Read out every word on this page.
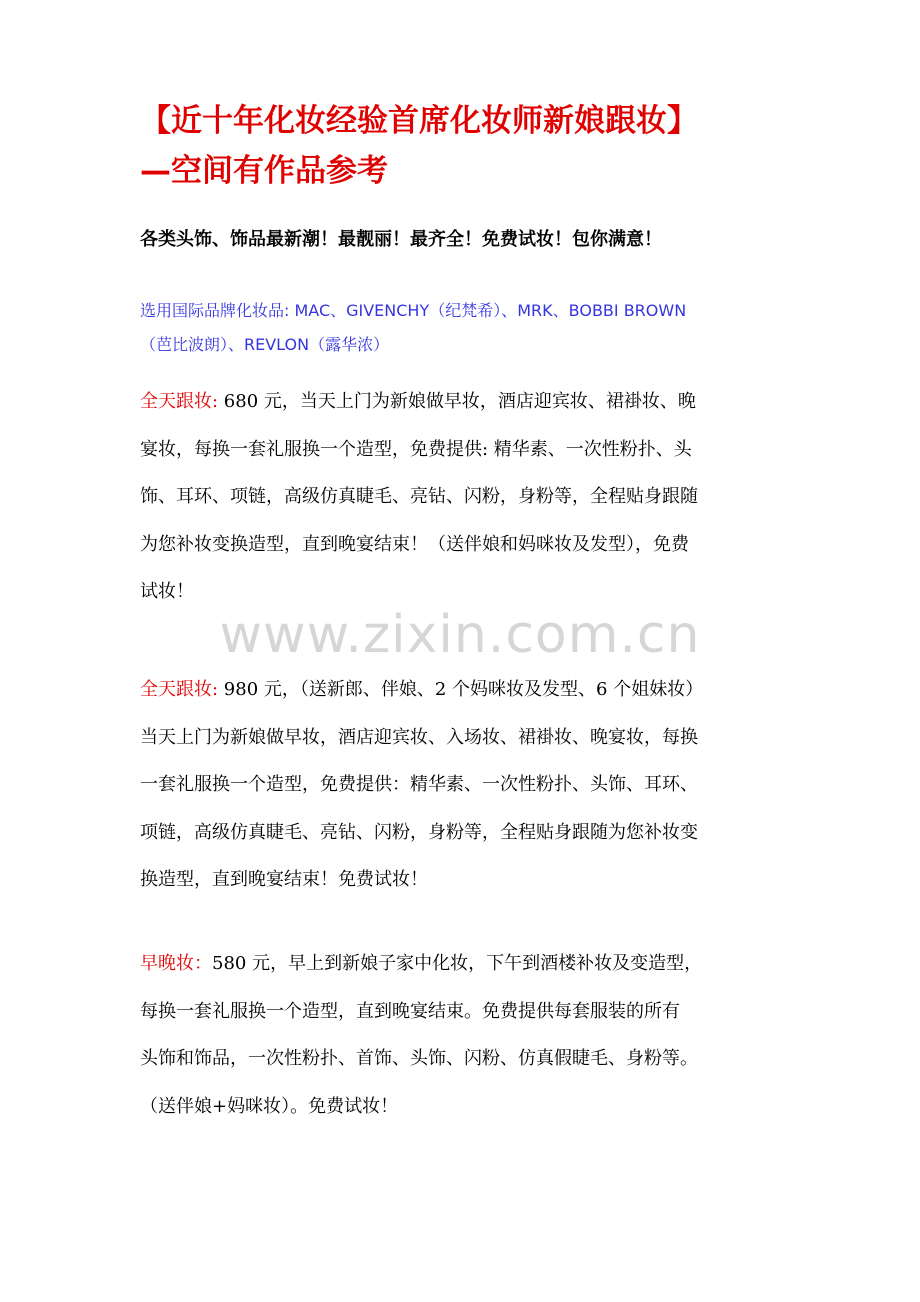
【近十年化妆经验首席化妆师新娘跟妆】
—空间有作品参考

各类头饰、饰品最新潮！最靓丽！最齐全！免费试妆！包你满意！

选用国际品牌化妆品: MAC、GIVENCHY（纪梵希）、MRK、BOBBI BROWN
（芭比波朗）、REVLON（露华浓）

全天跟妆: 680 元，当天上门为新娘做早妆，酒店迎宾妆、裙褂妆、晚
宴妆，每换一套礼服换一个造型，免费提供: 精华素、一次性粉扑、头
饰、耳环、项链，高级仿真睫毛、亮钻、闪粉，身粉等，全程贴身跟随
为您补妆变换造型，直到晚宴结束！（送伴娘和妈咪妆及发型），免费
试妆！

全天跟妆: 980 元，（送新郎、伴娘、2 个妈咪妆及发型、6 个姐妹妆）
当天上门为新娘做早妆，酒店迎宾妆、入场妆、裙褂妆、晚宴妆，每换
一套礼服换一个造型，免费提供：精华素、一次性粉扑、头饰、耳环、
项链，高级仿真睫毛、亮钻、闪粉，身粉等，全程贴身跟随为您补妆变
换造型，直到晚宴结束！免费试妆！

早晚妆：580 元，早上到新娘子家中化妆，下午到酒楼补妆及变造型，
每换一套礼服换一个造型，直到晚宴结束。免费提供每套服装的所有
头饰和饰品，一次性粉扑、首饰、头饰、闪粉、仿真假睫毛、身粉等。
（送伴娘+妈咪妆）。免费试妆！

www.zixin.com.cn
